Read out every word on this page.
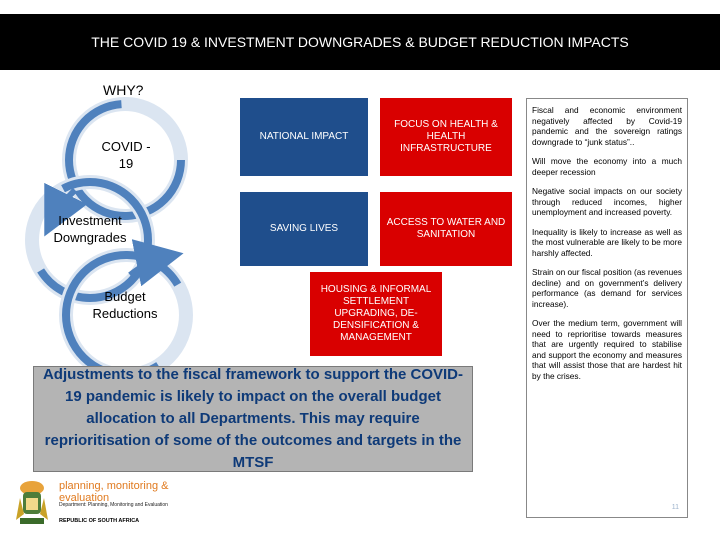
THE COVID 19 & INVESTMENT DOWNGRADES & BUDGET REDUCTION IMPACTS
WHY?
COVID - 19
Investment Downgrades
Budget Reductions
NATIONAL IMPACT
SAVING LIVES
FOCUS ON HEALTH & HEALTH INFRASTRUCTURE
ACCESS TO WATER AND SANITATION
HOUSING & INFORMAL SETTLEMENT UPGRADING, DE-DENSIFICATION & MANAGEMENT
Adjustments to the fiscal framework to support the COVID-19 pandemic is likely to impact on the overall budget allocation to all Departments. This may require reprioritisation of some of the outcomes and targets in the MTSF

Fiscal and economic environment negatively affected by Covid-19 pandemic and the sovereign ratings downgrade to “junk status”..

Will move the economy into a much deeper recession

Negative social impacts on our society through reduced incomes, higher unemployment and increased poverty.

Inequality is likely to increase as well as the most vulnerable are likely to be more harshly affected.

Strain on our fiscal position (as revenues decline) and on government’s delivery performance (as demand for services increase).

Over the medium term, government will need to reprioritise towards measures that are urgently required to stabilise and support the economy and measures that will assist those that are hardest hit by the crises.

11
planning, monitoring & evaluation
Department: Planning, Monitoring and Evaluation
REPUBLIC OF SOUTH AFRICA
